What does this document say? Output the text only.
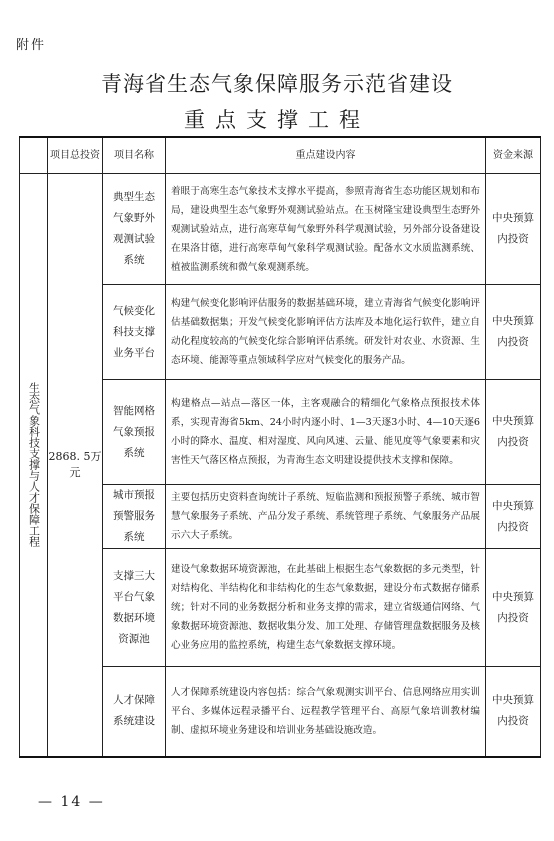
附件
青海省生态气象保障服务示范省建设
重点支撑工程
	项目总投资	项目名称	重点建设内容	资金来源
生态气象科技支撑与人才保障工程	2868. 5万元	典型生态气象野外观测试验系统	着眼于高寒生态气象技术支撑水平提高，参照青海省生态功能区规划和布局，建设典型生态气象野外观测试验站点。在玉树隆宝建设典型生态野外观测试验站点，进行高寒草甸气象野外科学观测试验，另外部分设备建设在果洛甘德，进行高寒草甸气象科学观测试验。配备水文水质监测系统、植被监测系统和微气象观测系统。	中央预算内投资
		气候变化科技支撑业务平台	构建气候变化影响评估服务的数据基础环境，建立青海省气候变化影响评估基础数据集；开发气候变化影响评估方法库及本地化运行软件，建立自动化程度较高的气候变化综合影响评估系统。研发针对农业、水资源、生态环境、能源等重点领域科学应对气候变化的服务产品。	中央预算内投资
		智能网格气象预报系统	构建格点—站点—落区一体，主客观融合的精细化气象格点预报技术体系，实现青海省5km、24小时内逐小时、1—3天逐3小时、4—10天逐6小时的降水、温度、相对湿度、风向风速、云量、能见度等气象要素和灾害性天气落区格点预报，为青海生态文明建设提供技术支撑和保障。	中央预算内投资
		城市预报预警服务系统	主要包括历史资料查询统计子系统、短临监测和预报预警子系统、城市智慧气象服务子系统、产品分发子系统、系统管理子系统、气象服务产品展示六大子系统。	中央预算内投资
		支撑三大平台气象数据环境资源池	建设气象数据环境资源池，在此基础上根据生态气象数据的多元类型，针对结构化、半结构化和非结构化的生态气象数据，建设分布式数据存储系统；针对不同的业务数据分析和业务支撑的需求，建立省级通信网络、气象数据环境资源池、数据收集分发、加工处理、存储管理盘数据服务及核心业务应用的监控系统，构建生态气象数据支撑环境。	中央预算内投资
		人才保障系统建设	人才保障系统建设内容包括：综合气象观测实训平台、信息网络应用实训平台、多媒体远程录播平台、远程教学管理平台、高原气象培训教材编制、虚拟环境业务建设和培训业务基础设施改造。	中央预算内投资
— 14 —
